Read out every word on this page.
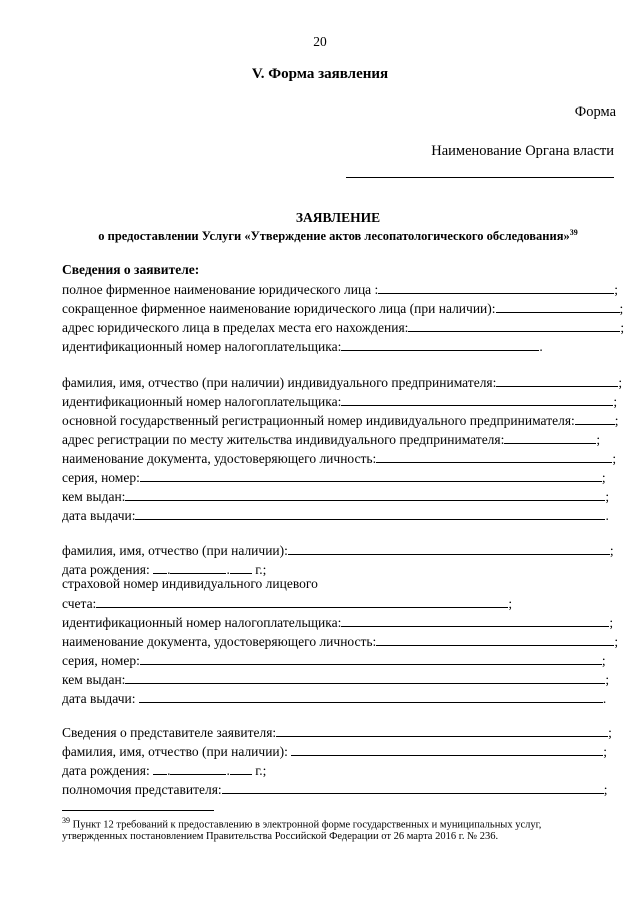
20
V. Форма заявления
Форма
Наименование Органа власти
ЗАЯВЛЕНИЕ
о предоставлении Услуги «Утверждение актов лесопатологического обследования»$^{39}$
Сведения о заявителе:
полное фирменное наименование юридического лица :	;
сокращенное фирменное наименование юридического лица (при наличии):	;
адрес юридического лица в пределах места его нахождения:	;
идентификационный номер налогоплательщика:	.
фамилия, имя, отчество (при наличии) индивидуального предпринимателя:	;
идентификационный номер налогоплательщика:	;
основной государственный регистрационный номер индивидуального предпринимателя:	;
адрес регистрации по месту жительства индивидуального предпринимателя:	;
наименование документа, удостоверяющего личность:	;
серия, номер:	;
кем выдан:	;
дата выдачи:	.
фамилия, имя, отчество (при наличии):	;
дата рождения: .	. г.;
страховой номер индивидуального лицевого
счета:	;
идентификационный номер налогоплательщика:	;
наименование документа, удостоверяющего личность:	;
серия, номер:	;
кем выдан:	;
дата выдачи:	.
Сведения о представителе заявителя:	;
фамилия, имя, отчество (при наличии):	;
дата рождения: .	. г.;
полномочия представителя:	;
$^{39}$ Пункт 12 требований к предоставлению в электронной форме государственных и муниципальных услуг,
утвержденных постановлением Правительства Российской Федерации от 26 марта 2016 г. № 236.
